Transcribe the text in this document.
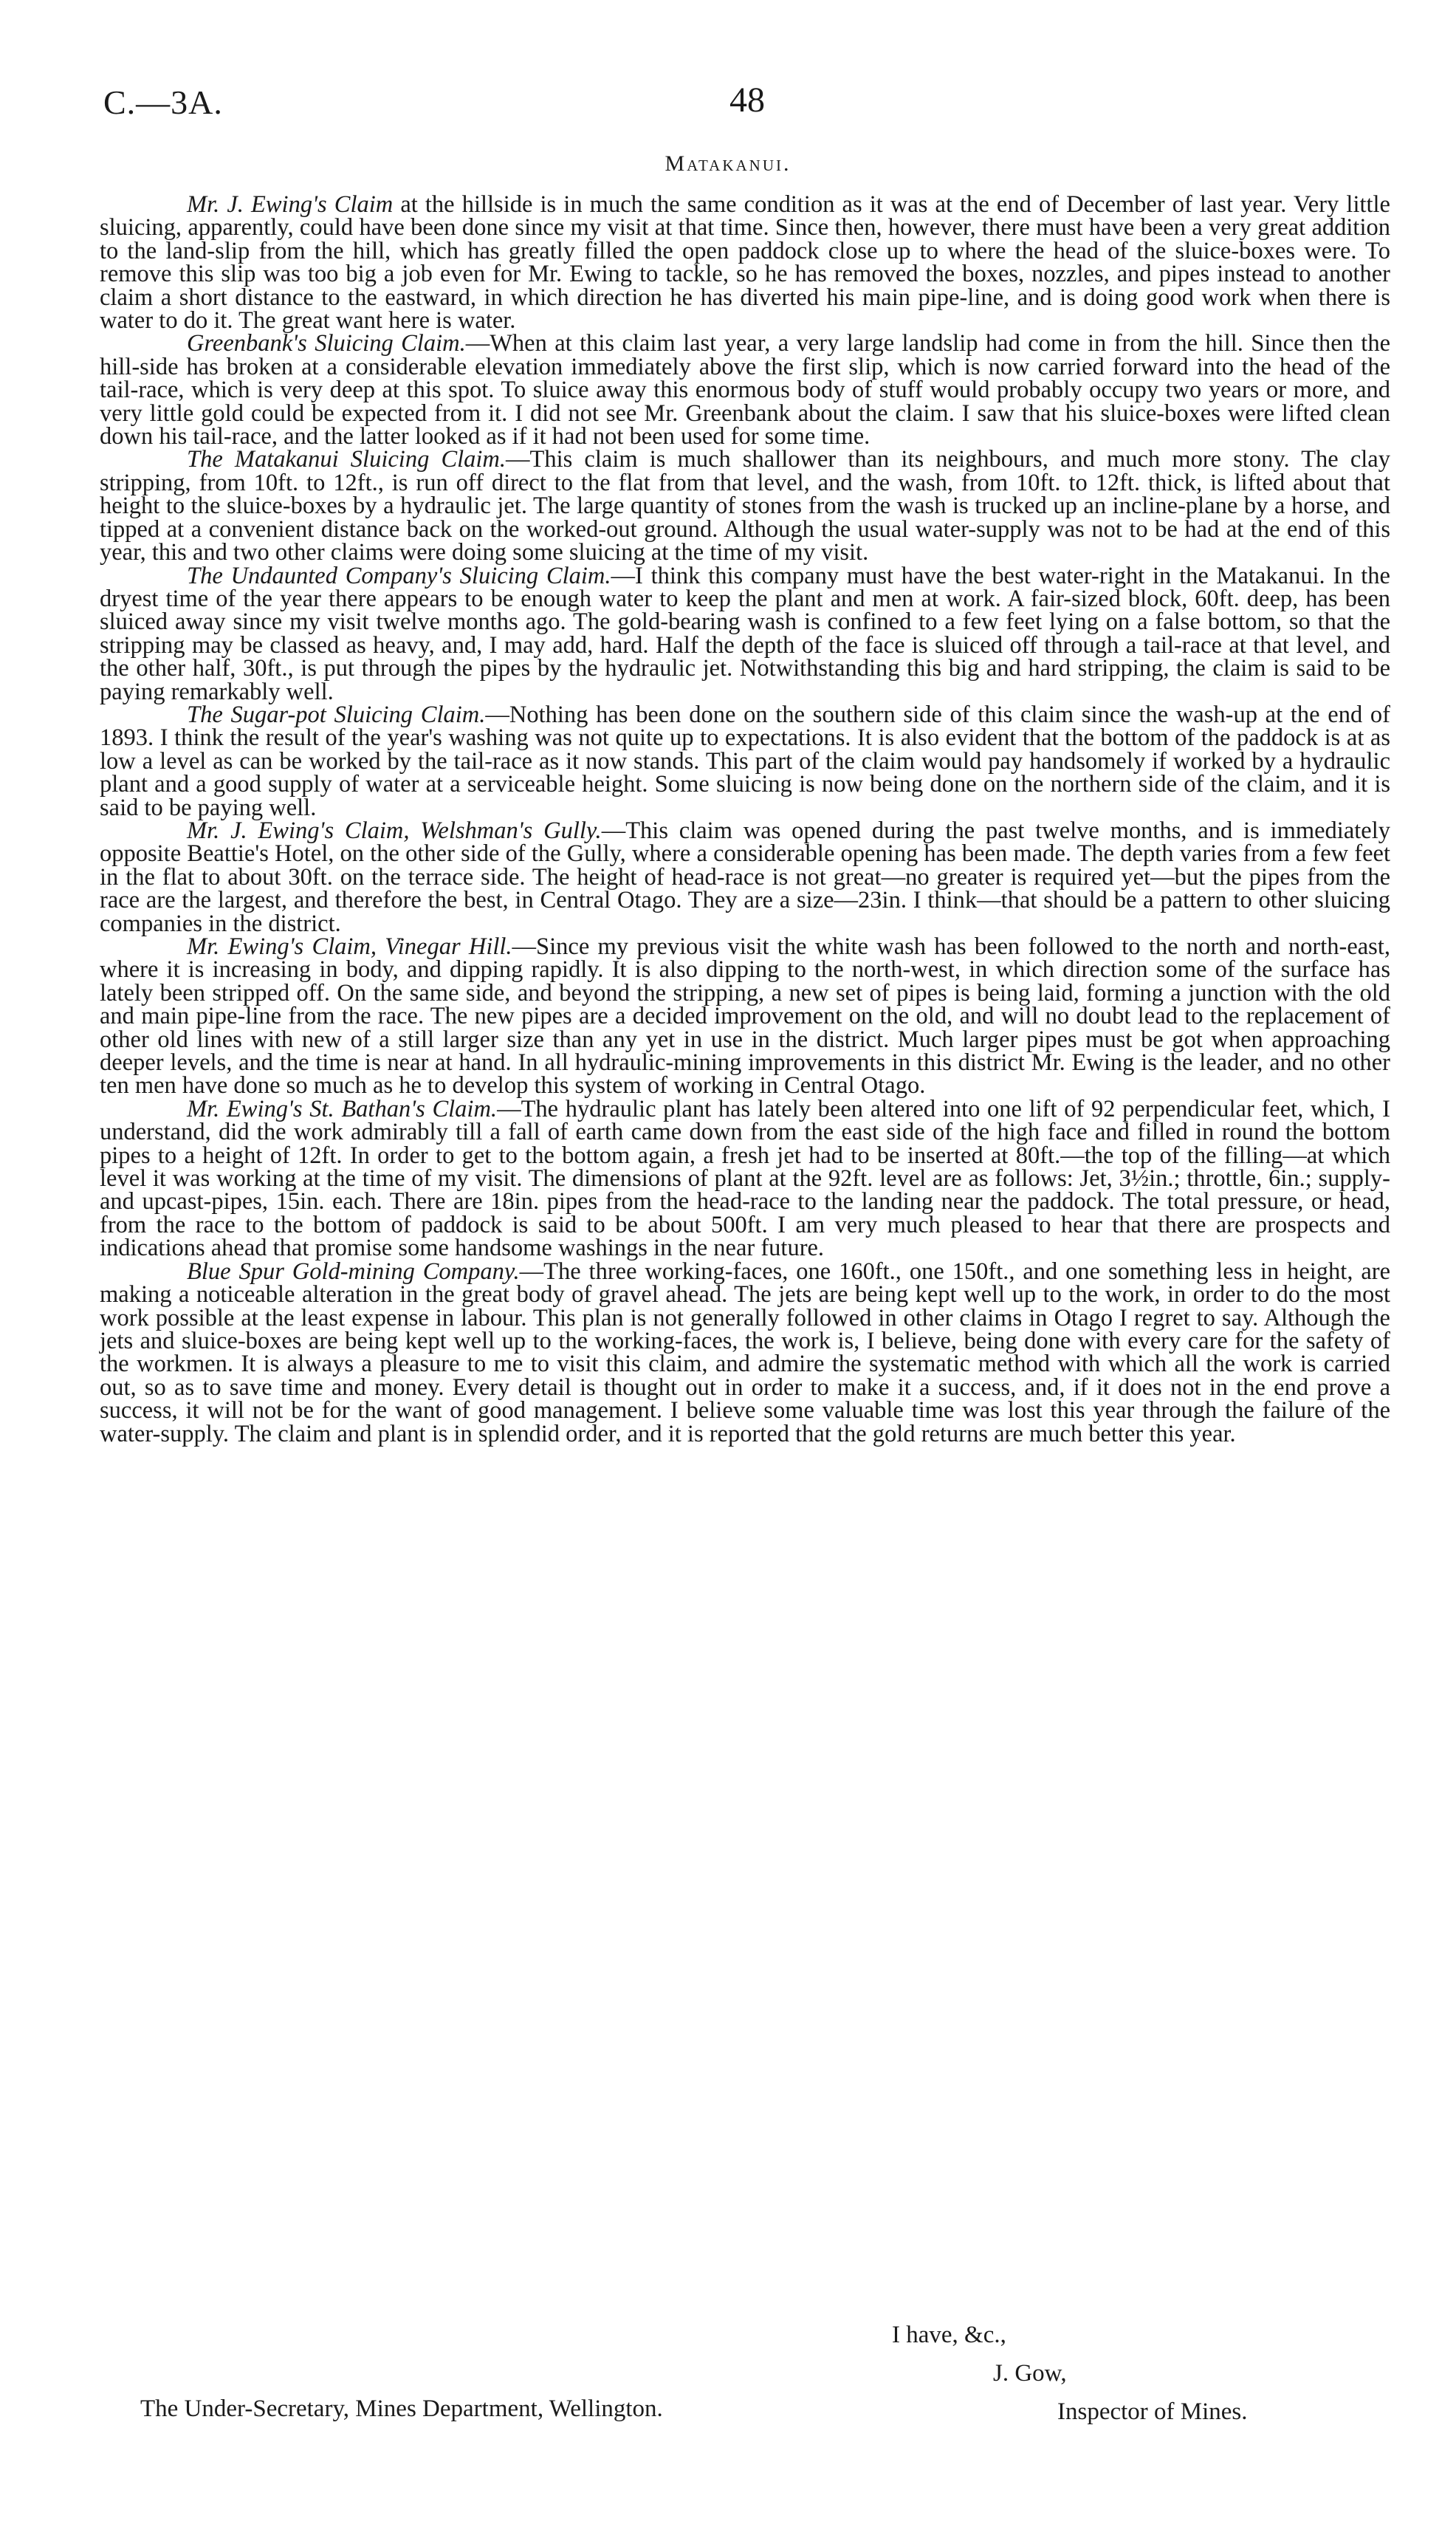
C.—3A.	48
Matakanui.

Mr. J. Ewing's Claim at the hillside is in much the same condition as it was at the end of December of last year. Very little sluicing, apparently, could have been done since my visit at that time. Since then, however, there must have been a very great addition to the land-slip from the hill, which has greatly filled the open paddock close up to where the head of the sluice-boxes were. To remove this slip was too big a job even for Mr. Ewing to tackle, so he has removed the boxes, nozzles, and pipes instead to another claim a short distance to the eastward, in which direction he has diverted his main pipe-line, and is doing good work when there is water to do it. The great want here is water.

Greenbank's Sluicing Claim.—When at this claim last year, a very large landslip had come in from the hill. Since then the hill-side has broken at a considerable elevation immediately above the first slip, which is now carried forward into the head of the tail-race, which is very deep at this spot. To sluice away this enormous body of stuff would probably occupy two years or more, and very little gold could be expected from it. I did not see Mr. Greenbank about the claim. I saw that his sluice-boxes were lifted clean down his tail-race, and the latter looked as if it had not been used for some time.

The Matakanui Sluicing Claim.—This claim is much shallower than its neighbours, and much more stony. The clay stripping, from 10ft. to 12ft., is run off direct to the flat from that level, and the wash, from 10ft. to 12ft. thick, is lifted about that height to the sluice-boxes by a hydraulic jet. The large quantity of stones from the wash is trucked up an incline-plane by a horse, and tipped at a convenient distance back on the worked-out ground. Although the usual water-supply was not to be had at the end of this year, this and two other claims were doing some sluicing at the time of my visit.

The Undaunted Company's Sluicing Claim.—I think this company must have the best water-right in the Matakanui. In the dryest time of the year there appears to be enough water to keep the plant and men at work. A fair-sized block, 60ft. deep, has been sluiced away since my visit twelve months ago. The gold-bearing wash is confined to a few feet lying on a false bottom, so that the stripping may be classed as heavy, and, I may add, hard. Half the depth of the face is sluiced off through a tail-race at that level, and the other half, 30ft., is put through the pipes by the hydraulic jet. Notwithstanding this big and hard stripping, the claim is said to be paying remarkably well.

The Sugar-pot Sluicing Claim.—Nothing has been done on the southern side of this claim since the wash-up at the end of 1893. I think the result of the year's washing was not quite up to expectations. It is also evident that the bottom of the paddock is at as low a level as can be worked by the tail-race as it now stands. This part of the claim would pay handsomely if worked by a hydraulic plant and a good supply of water at a serviceable height. Some sluicing is now being done on the northern side of the claim, and it is said to be paying well.

Mr. J. Ewing's Claim, Welshman's Gully.—This claim was opened during the past twelve months, and is immediately opposite Beattie's Hotel, on the other side of the Gully, where a considerable opening has been made. The depth varies from a few feet in the flat to about 30ft. on the terrace side. The height of head-race is not great—no greater is required yet—but the pipes from the race are the largest, and therefore the best, in Central Otago. They are a size—23in. I think—that should be a pattern to other sluicing companies in the district.

Mr. Ewing's Claim, Vinegar Hill.—Since my previous visit the white wash has been followed to the north and north-east, where it is increasing in body, and dipping rapidly. It is also dipping to the north-west, in which direction some of the surface has lately been stripped off. On the same side, and beyond the stripping, a new set of pipes is being laid, forming a junction with the old and main pipe-line from the race. The new pipes are a decided improvement on the old, and will no doubt lead to the replacement of other old lines with new of a still larger size than any yet in use in the district. Much larger pipes must be got when approaching deeper levels, and the time is near at hand. In all hydraulic-mining improvements in this district Mr. Ewing is the leader, and no other ten men have done so much as he to develop this system of working in Central Otago.

Mr. Ewing's St. Bathan's Claim.—The hydraulic plant has lately been altered into one lift of 92 perpendicular feet, which, I understand, did the work admirably till a fall of earth came down from the east side of the high face and filled in round the bottom pipes to a height of 12ft. In order to get to the bottom again, a fresh jet had to be inserted at 80ft.—the top of the filling—at which level it was working at the time of my visit. The dimensions of plant at the 92ft. level are as follows: Jet, 3½in.; throttle, 6in.; supply- and upcast-pipes, 15in. each. There are 18in. pipes from the head-race to the landing near the paddock. The total pressure, or head, from the race to the bottom of paddock is said to be about 500ft. I am very much pleased to hear that there are prospects and indications ahead that promise some handsome washings in the near future.

Blue Spur Gold-mining Company.—The three working-faces, one 160ft., one 150ft., and one something less in height, are making a noticeable alteration in the great body of gravel ahead. The jets are being kept well up to the work, in order to do the most work possible at the least expense in labour. This plan is not generally followed in other claims in Otago I regret to say. Although the jets and sluice-boxes are being kept well up to the working-faces, the work is, I believe, being done with every care for the safety of the workmen. It is always a pleasure to me to visit this claim, and admire the systematic method with which all the work is carried out, so as to save time and money. Every detail is thought out in order to make it a success, and, if it does not in the end prove a success, it will not be for the want of good management. I believe some valuable time was lost this year through the failure of the water-supply. The claim and plant is in splendid order, and it is reported that the gold returns are much better this year.

I have, &c.,
J. Gow,
The Under-Secretary, Mines Department, Wellington.	Inspector of Mines.
